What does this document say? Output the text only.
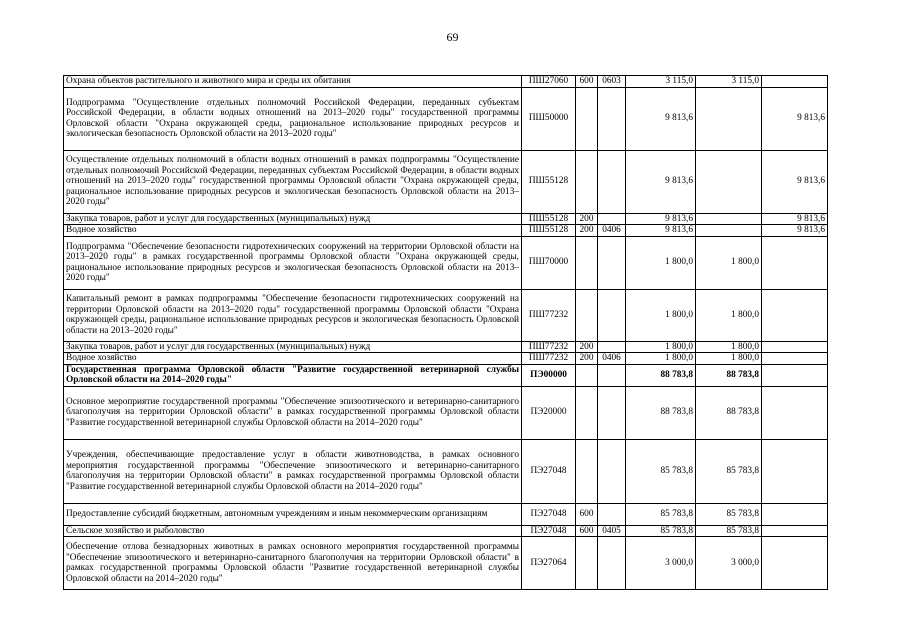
69
Охрана объектов растительного и животного мира и среды их обитания	ПШ27060	600	0603	3 115,0	3 115,0	
Подпрограмма "Осуществление отдельных полномочий Российской Федерации, переданных субъектам Российской Федерации, в области водных отношений на 2013–2020 годы" государственной программы Орловской области "Охрана окружающей среды, рациональное использование природных ресурсов и экологическая безопасность Орловской области на 2013–2020 годы"	ПШ50000			9 813,6		9 813,6
Осуществление отдельных полномочий в области водных отношений в рамках подпрограммы "Осуществление отдельных полномочий Российской Федерации, переданных субъектам Российской Федерации, в области водных отношений на 2013–2020 годы" государственной программы Орловской области "Охрана окружающей среды, рациональное использование природных ресурсов и экологическая безопасность Орловской области на 2013–2020 годы"	ПШ55128			9 813,6		9 813,6
Закупка товаров, работ и услуг для государственных (муниципальных) нужд	ПШ55128	200		9 813,6		9 813,6
Водное хозяйство	ПШ55128	200	0406	9 813,6		9 813,6
Подпрограмма "Обеспечение безопасности гидротехнических сооружений на территории Орловской области на 2013–2020 годы" в рамках государственной программы Орловской области "Охрана окружающей среды, рациональное использование природных ресурсов и экологическая безопасность Орловской области на 2013–2020 годы"	ПШ70000			1 800,0	1 800,0	
Капитальный ремонт в рамках подпрограммы "Обеспечение безопасности гидротехнических сооружений на территории Орловской области на 2013–2020 годы" государственной программы Орловской области "Охрана окружающей среды, рациональное использование природных ресурсов и экологическая безопасность Орловской области на 2013–2020 годы"	ПШ77232			1 800,0	1 800,0	
Закупка товаров, работ и услуг для государственных (муниципальных) нужд	ПШ77232	200		1 800,0	1 800,0	
Водное хозяйство	ПШ77232	200	0406	1 800,0	1 800,0	
Государственная программа Орловской области "Развитие государственной ветеринарной службы Орловской области на 2014–2020 годы"	ПЭ00000			88 783,8	88 783,8	
Основное мероприятие государственной программы "Обеспечение эпизоотического и ветеринарно-санитарного благополучия на территории Орловской области" в рамках государственной программы Орловской области "Развитие государственной ветеринарной службы Орловской области на 2014–2020 годы"	ПЭ20000			88 783,8	88 783,8	
Учреждения, обеспечивающие предоставление услуг в области животноводства, в рамках основного мероприятия государственной программы "Обеспечение эпизоотического и ветеринарно-санитарного благополучия на территории Орловской области" в рамках государственной программы Орловской области "Развитие государственной ветеринарной службы Орловской области на 2014–2020 годы"	ПЭ27048			85 783,8	85 783,8	
Предоставление субсидий бюджетным, автономным учреждениям и иным некоммерческим организациям	ПЭ27048	600		85 783,8	85 783,8	
Сельское хозяйство и рыболовство	ПЭ27048	600	0405	85 783,8	85 783,8	
Обеспечение отлова безнадзорных животных в рамках основного мероприятия государственной программы "Обеспечение эпизоотического и ветеринарно-санитарного благополучия на территории Орловской области" в рамках государственной программы Орловской области "Развитие государственной ветеринарной службы Орловской области на 2014–2020 годы"	ПЭ27064			3 000,0	3 000,0	
